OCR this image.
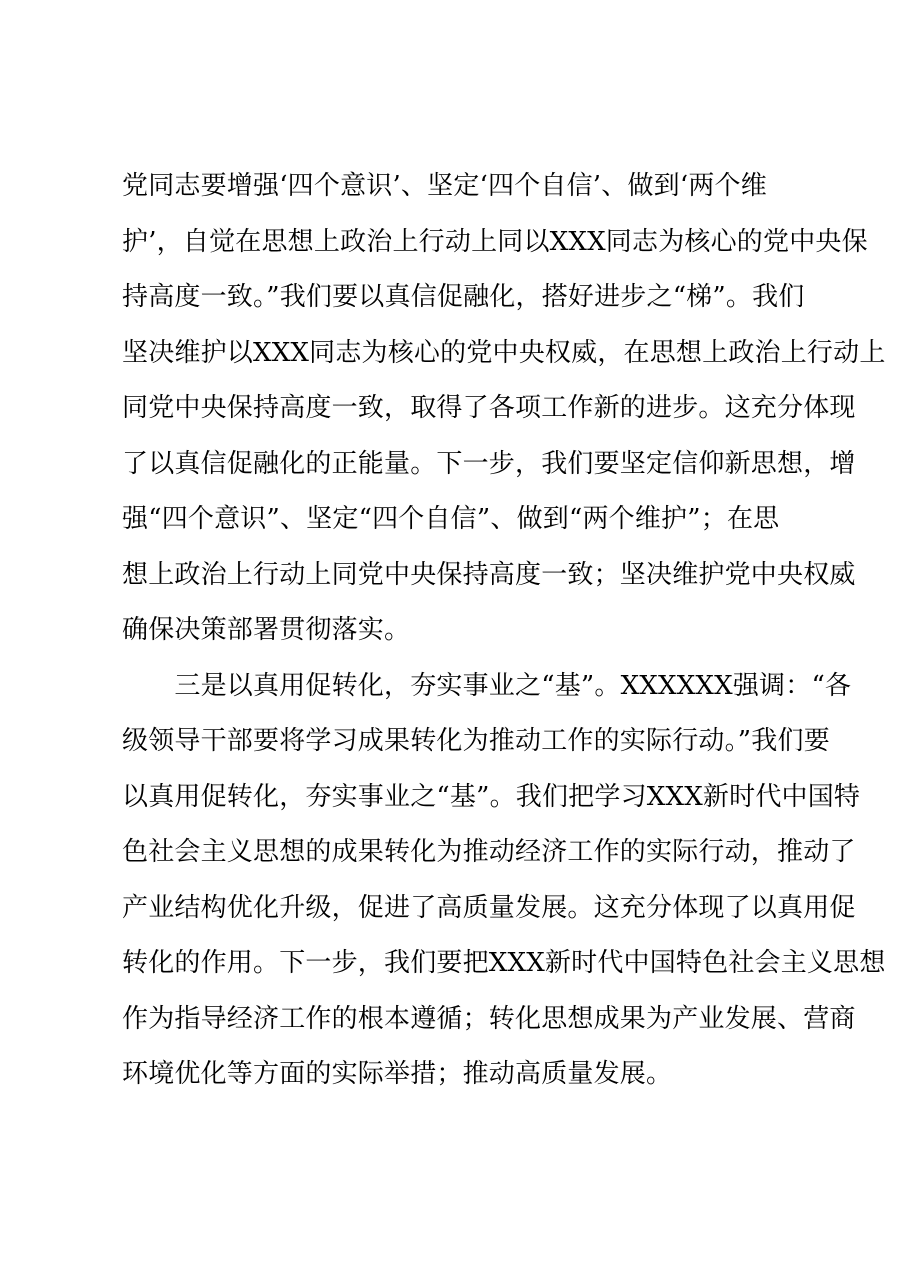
党同志要增强‘四个意识’、坚定‘四个自信’、做到‘两个维
护’，自觉在思想上政治上行动上同以XXX同志为核心的党中央保
持高度一致。”我们要以真信促融化，搭好进步之“梯”。我们
坚决维护以XXX同志为核心的党中央权威，在思想上政治上行动上
同党中央保持高度一致，取得了各项工作新的进步。这充分体现
了以真信促融化的正能量。下一步，我们要坚定信仰新思想，增
强“四个意识”、坚定“四个自信”、做到“两个维护”；在思
想上政治上行动上同党中央保持高度一致；坚决维护党中央权威
确保决策部署贯彻落实。
　　三是以真用促转化，夯实事业之“基”。XXXXXX强调：“各
级领导干部要将学习成果转化为推动工作的实际行动。”我们要
以真用促转化，夯实事业之“基”。我们把学习XXX新时代中国特
色社会主义思想的成果转化为推动经济工作的实际行动，推动了
产业结构优化升级，促进了高质量发展。这充分体现了以真用促
转化的作用。下一步，我们要把XXX新时代中国特色社会主义思想
作为指导经济工作的根本遵循；转化思想成果为产业发展、营商
环境优化等方面的实际举措；推动高质量发展。
